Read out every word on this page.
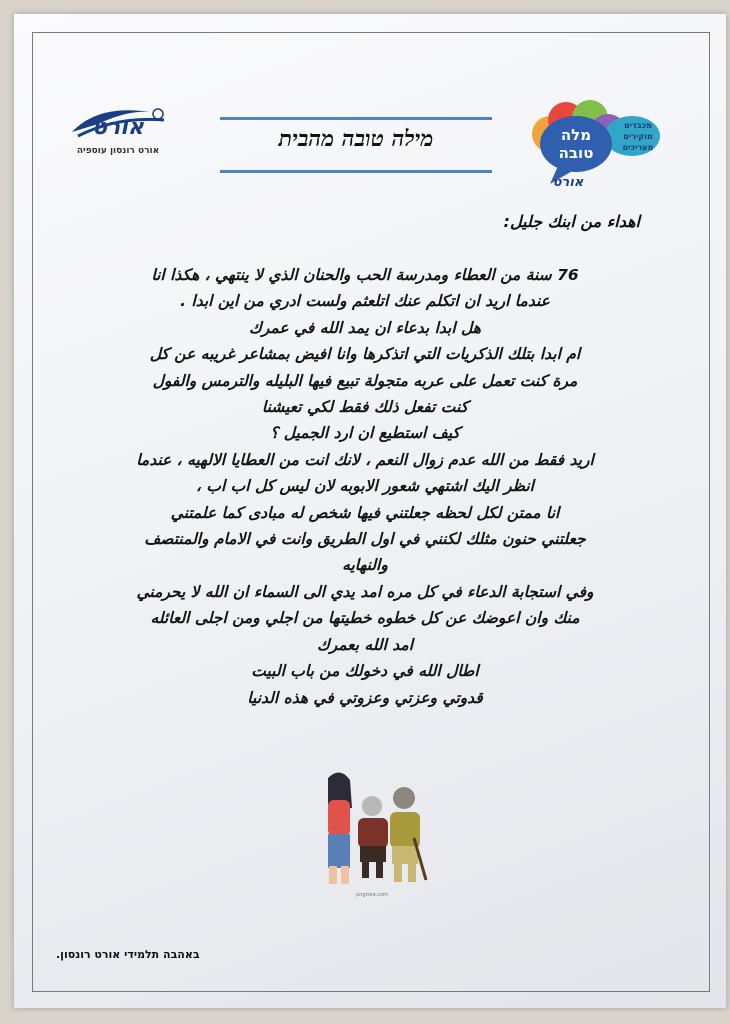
אורט
אורט רונסון עוספיה	מילה טובה מהבית	מלה
טובה
אורט
מכבדים
מוקירים
מעריכים
اهداء من ابنك جليل:
76 سنة من العطاء ومدرسة الحب والحنان الذي لا ينتهي ، هكذا انا
عندما اريد ان اتكلم عنك اتلعثم ولست ادري من اين ابدا .
هل ابدا بدعاء ان يمد الله في عمرك
ام ابدا بتلك الذكريات التي اتذكرها وانا افيض بمشاعر غريبه عن كل
مرة كنت تعمل على عربه متجولة تبيع فيها البليله والترمس والفول
كنت تفعل ذلك فقط لكي تعيشنا
كيف استطيع ان ارد الجميل ؟
اريد فقط من الله عدم زوال النعم ، لانك انت من العطايا الالهيه ، عندما
انظر اليك اشتهي شعور الابوبه لان ليس كل اب اب ،
انا ممتن لكل لحظه جعلتني فيها شخص له مبادى كما علمتني
جعلتني حنون مثلك لكنني في اول الطريق وانت في الامام والمنتصف
والنهايه
وفي استجابة الدعاء في كل مره امد يدي الى السماء ان الله لا يحرمني
منك وان اعوضك عن كل خطوه خطيتها من اجلي ومن اجلى العائله
امد الله بعمرك
اطال الله في دخولك من باب البيت
قدوتي وعزتي وعزوتي في هذه الدنيا
pngtree.com
באהבה תלמידי אורט רונסון.
